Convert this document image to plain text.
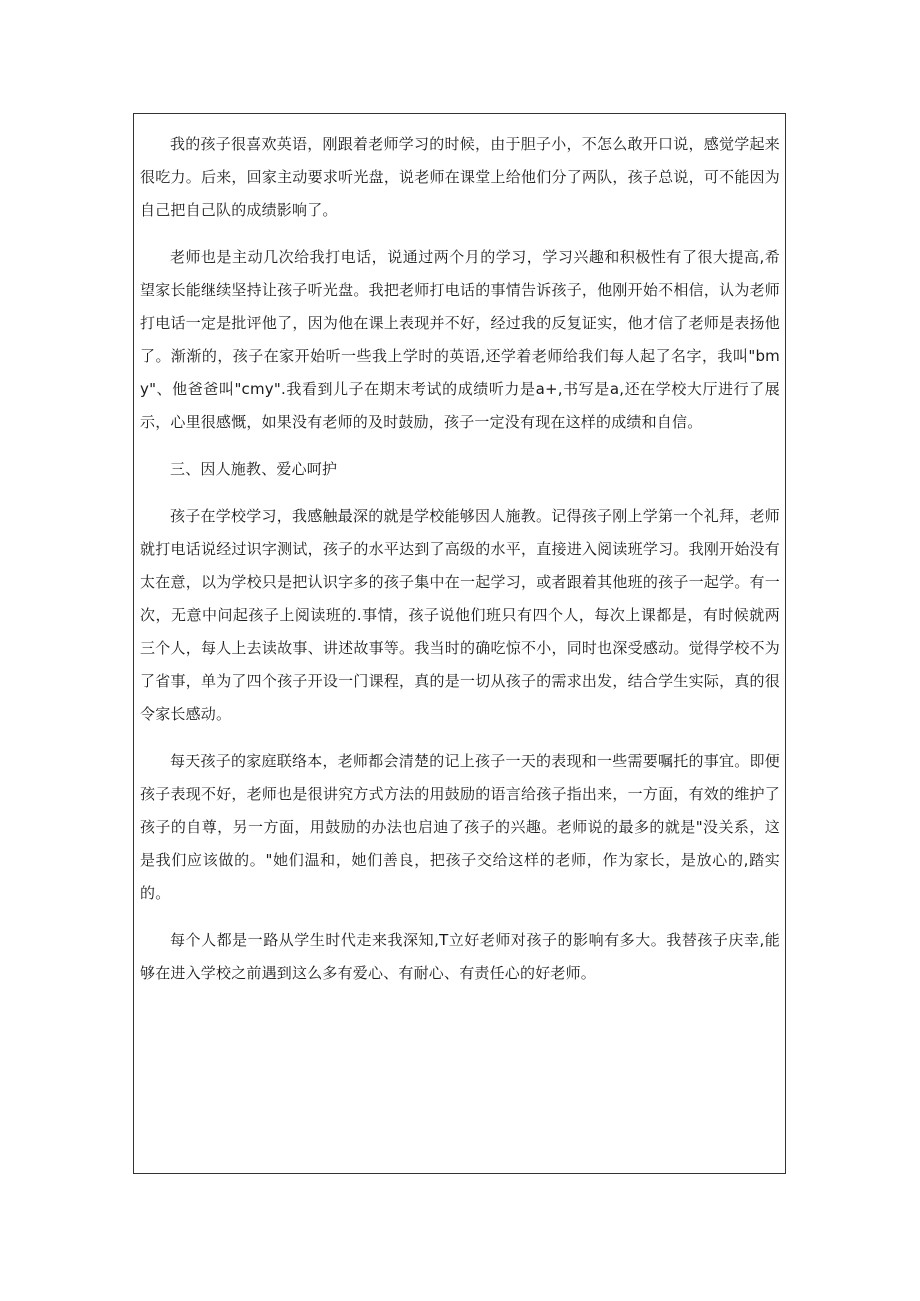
我的孩子很喜欢英语，刚跟着老师学习的时候，由于胆子小，不怎么敢开口说，感觉学起来很吃力。后来，回家主动要求听光盘，说老师在课堂上给他们分了两队，孩子总说，可不能因为自己把自己队的成绩影响了。

老师也是主动几次给我打电话，说通过两个月的学习，学习兴趣和积极性有了很大提高,希望家长能继续坚持让孩子听光盘。我把老师打电话的事情告诉孩子，他刚开始不相信，认为老师打电话一定是批评他了，因为他在课上表现并不好，经过我的反复证实，他才信了老师是表扬他了。渐渐的，孩子在家开始听一些我上学时的英语,还学着老师给我们每人起了名字，我叫"bmy"、他爸爸叫"cmy".我看到儿子在期末考试的成绩听力是a+,书写是a,还在学校大厅进行了展示，心里很感慨，如果没有老师的及时鼓励，孩子一定没有现在这样的成绩和自信。

三、因人施教、爱心呵护

孩子在学校学习，我感触最深的就是学校能够因人施教。记得孩子刚上学第一个礼拜，老师就打电话说经过识字测试，孩子的水平达到了高级的水平，直接进入阅读班学习。我刚开始没有太在意，以为学校只是把认识字多的孩子集中在一起学习，或者跟着其他班的孩子一起学。有一次，无意中问起孩子上阅读班的.事情，孩子说他们班只有四个人，每次上课都是，有时候就两三个人，每人上去读故事、讲述故事等。我当时的确吃惊不小，同时也深受感动。觉得学校不为了省事，单为了四个孩子开设一门课程，真的是一切从孩子的需求出发，结合学生实际，真的很令家长感动。

每天孩子的家庭联络本，老师都会清楚的记上孩子一天的表现和一些需要嘱托的事宜。即便孩子表现不好，老师也是很讲究方式方法的用鼓励的语言给孩子指出来，一方面，有效的维护了孩子的自尊，另一方面，用鼓励的办法也启迪了孩子的兴趣。老师说的最多的就是"没关系，这是我们应该做的。"她们温和，她们善良，把孩子交给这样的老师，作为家长，是放心的,踏实的。

每个人都是一路从学生时代走来我深知,T立好老师对孩子的影响有多大。我替孩子庆幸,能够在进入学校之前遇到这么多有爱心、有耐心、有责任心的好老师。
